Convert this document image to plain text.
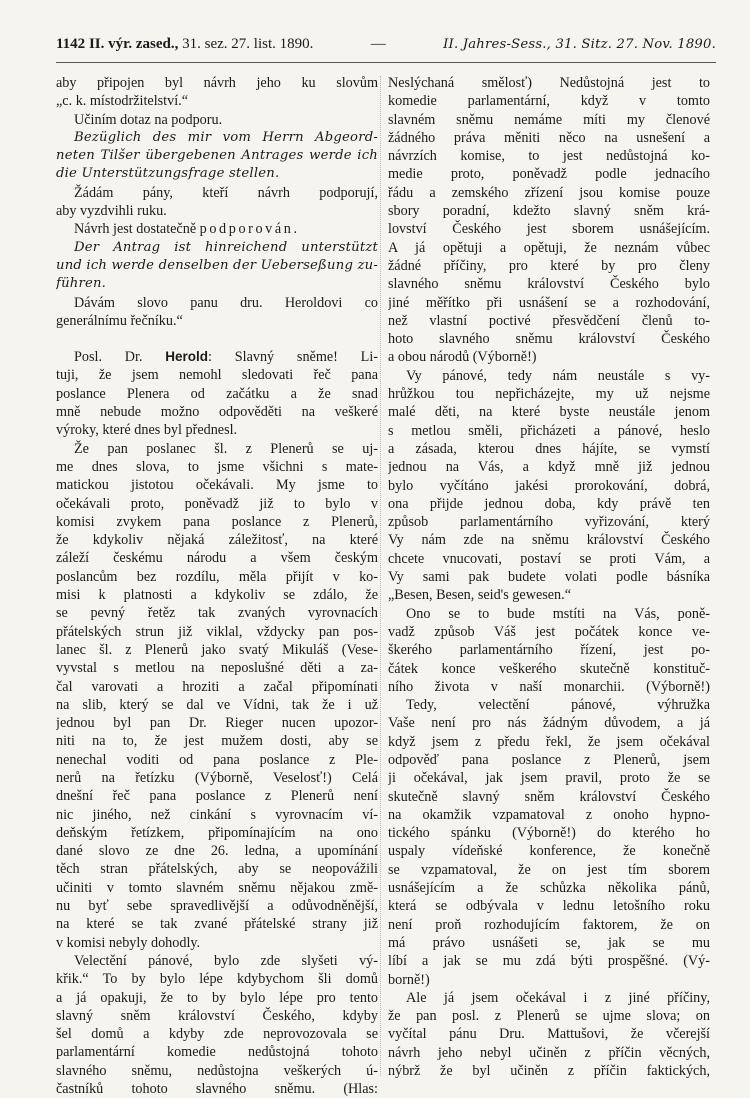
1142 II. výr. zased., 31. sez. 27. list. 1890.	—	II. Jahres-Sess., 31. Sitz. 27. Nov. 1890.
aby připojen byl návrh jeho ku slovům
„c. k. místodržitelství.“
Učiním dotaz na podporu.
Bezüglich des mir vom Herrn Abgeord-
neten Tilšer übergebenen Antrages werde ich
die Unterstützungsfrage stellen.
Žádám pány, kteří návrh podporují,
aby vyzdvihli ruku.
Návrh jest dostatečně podporován.
Der Antrag ist hinreichend unterstützt
und ich werde denselben der Ueberseßung zu-
führen.
Dávám slovo panu dru. Heroldovi co
generálnímu řečníku.“
Posl. Dr. Herold: Slavný sněme! Li-
tuji, že jsem nemohl sledovati řeč pana
poslance Plenera od začátku a že snad
mně nebude možno odpověděti na veškeré
výroky, které dnes byl přednesl.
Že pan poslanec šl. z Plenerů se uj-
me dnes slova, to jsme všichni s mate-
matickou jistotou očekávali. My jsme to
očekávali proto, poněvadž již to bylo v
komisi zvykem pana poslance z Plenerů,
že kdykoliv nějaká záležitosť, na které
záleží českému národu a všem českým
poslancům bez rozdílu, měla přijít v ko-
misi k platnosti a kdykoliv se zdálo, že
se pevný řetěz tak zvaných vyrovnacích
přátelských strun již viklal, vždycky pan pos-
lanec šl. z Plenerů jako svatý Mikuláš (Vese-
vyvstal s metlou na neposlušné děti a za-
čal varovati a hroziti a začal připomínati
na slib, který se dal ve Vídni, tak že i už
jednou byl pan Dr. Rieger nucen upozor-
niti na to, že jest mužem dosti, aby se
nenechal voditi od pana poslance z Ple-
nerů na řetízku (Výborně, Veselosť!) Celá
dnešní řeč pana poslance z Plenerů není
nic jiného, než cinkání s vyrovnacím ví-
deňským řetízkem, připomínajícím na ono
dané slovo ze dne 26. ledna, a upomínání
těch stran přátelských, aby se neopovážili
učiniti v tomto slavném sněmu nějakou změ-
nu byť sebe spravedlivější a odůvodněnější,
na které se tak zvané přátelské strany již
v komisi nebyly dohodly.
Velectění pánové, bylo zde slyšeti vý-
křik.“ To by bylo lépe kdybychom šli domů
a já opakuji, že to by bylo lépe pro tento
slavný sněm království Českého, kdyby
šel domů a kdyby zde neprovozovala se
parlamentární komedie nedůstojná tohoto
slavného sněmu, nedůstojna veškerých ú-
častníků tohoto slavného sněmu. (Hlas:
Neslýchaná smělosť) Nedůstojná jest to
komedie parlamentární, když v tomto
slavném sněmu nemáme míti my členové
žádného práva měniti něco na usnešení a
návrzích komise, to jest nedůstojná ko-
medie proto, poněvadž podle jednacího
řádu a zemského zřízení jsou komise pouze
sbory poradní, kdežto slavný sněm krá-
lovství Českého jest sborem usnášejícím.
A já opětuji a opětuji, že neznám vůbec
žádné příčiny, pro které by pro členy
slavného sněmu království Českého bylo
jiné měřítko při usnášení se a rozhodování,
než vlastní poctivé přesvědčení členů to-
hoto slavného sněmu království Českého
a obou národů (Výborně!)
Vy pánové, tedy nám neustále s vy-
hrůžkou tou nepřicházejte, my už nejsme
malé děti, na které byste neustále jenom
s metlou směli, přicházeti a pánové, heslo
a zásada, kterou dnes hájíte, se vymstí
jednou na Vás, a když mně již jednou
bylo vyčítáno jakési prorokování, dobrá,
ona přijde jednou doba, kdy právě ten
způsob parlamentárního vyřizování, který
Vy nám zde na sněmu království Českého
chcete vnucovati, postaví se proti Vám, a
Vy sami pak budete volati podle básníka
„Besen, Besen, seid's gewesen.“
Ono se to bude mstíti na Vás, poně-
vadž způsob Váš jest počátek konce ve-
škerého parlamentárního řízení, jest po-
čátek konce veškerého skutečně konstituč-
ního života v naší monarchii. (Výborně!)
Tedy, velectění pánové, výhružka
Vaše není pro nás žádným důvodem, a já
když jsem z předu řekl, že jsem očekával
odpověď pana poslance z Plenerů, jsem
ji očekával, jak jsem pravil, proto že se
skutečně slavný sněm království Českého
na okamžik vzpamatoval z onoho hypno-
tického spánku (Výborně!) do kterého ho
uspaly vídeňské konference, že konečně
se vzpamatoval, že on jest tím sborem
usnášejícím a že schůzka několika pánů,
která se odbývala v lednu letošního roku
není proň rozhodujícím faktorem, že on
má právo usnášeti se, jak se mu
líbí a jak se mu zdá býti prospěšné. (Vý-
borně!)
Ale já jsem očekával i z jiné příčiny,
že pan posl. z Plenerů se ujme slova; on
vyčítal pánu Dru. Mattušovi, že včerejší
návrh jeho nebyl učiněn z příčin věcných,
nýbrž že byl učiněn z příčin faktických,
